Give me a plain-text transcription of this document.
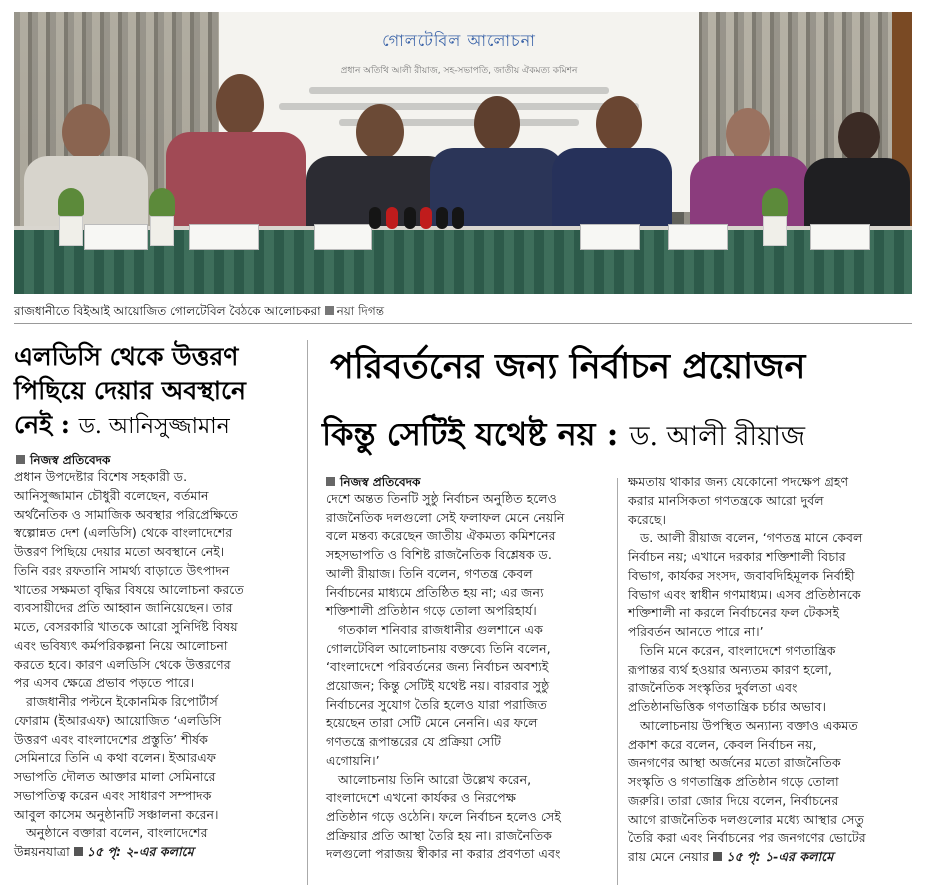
গোলটেবিল আলোচনা
প্রধান অতিথি আলী রীয়াজ, সহ-সভাপতি, জাতীয় ঐকমত্য কমিশন
রাজধানীতে বিইআই আয়োজিত গোলটেবিল বৈঠকে আলোচকরা নয়া দিগন্ত
এলডিসি থেকে উত্তরণ
পিছিয়ে দেয়ার অবস্থানে
নেই : ড. আনিসুজ্জামান
নিজস্ব প্রতিবেদক
প্রধান উপদেষ্টার বিশেষ সহকারী ড.
আনিসুজ্জামান চৌধুরী বলেছেন, বর্তমান
অর্থনৈতিক ও সামাজিক অবস্থার পরিপ্রেক্ষিতে
স্বল্পোন্নত দেশ (এলডিসি) থেকে বাংলাদেশের
উত্তরণ পিছিয়ে দেয়ার মতো অবস্থানে নেই।
তিনি বরং রফতানি সামর্থ্য বাড়াতে উৎপাদন
খাতের সক্ষমতা বৃদ্ধির বিষয়ে আলোচনা করতে
ব্যবসায়ীদের প্রতি আহ্বান জানিয়েছেন। তার
মতে, বেসরকারি খাতকে আরো সুনির্দিষ্ট বিষয়
এবং ভবিষ্যৎ কর্মপরিকল্পনা নিয়ে আলোচনা
করতে হবে। কারণ এলডিসি থেকে উত্তরণের
পর এসব ক্ষেত্রে প্রভাব পড়তে পারে।
রাজধানীর পল্টনে ইকোনমিক রিপোর্টার্স
ফোরাম (ইআরএফ) আয়োজিত ‘এলডিসি
উত্তরণ এবং বাংলাদেশের প্রস্তুতি’ শীর্ষক
সেমিনারে তিনি এ কথা বলেন। ইআরএফ
সভাপতি দৌলত আক্তার মালা সেমিনারে
সভাপতিত্ব করেন এবং সাধারণ সম্পাদক
আবুল কাসেম অনুষ্ঠানটি সঞ্চালনা করেন।
অনুষ্ঠানে বক্তারা বলেন, বাংলাদেশের
উন্নয়নযাত্রা ১৫ পৃ: ২-এর কলামে
পরিবর্তনের জন্য নির্বাচন প্রয়োজন
কিন্তু সেটিই যথেষ্ট নয় : ড. আলী রীয়াজ
নিজস্ব প্রতিবেদক
দেশে অন্তত তিনটি সুষ্ঠু নির্বাচন অনুষ্ঠিত হলেও
রাজনৈতিক দলগুলো সেই ফলাফল মেনে নেয়নি
বলে মন্তব্য করেছেন জাতীয় ঐকমত্য কমিশনের
সহসভাপতি ও বিশিষ্ট রাজনৈতিক বিশ্লেষক ড.
আলী রীয়াজ। তিনি বলেন, গণতন্ত্র কেবল
নির্বাচনের মাধ্যমে প্রতিষ্ঠিত হয় না; এর জন্য
শক্তিশালী প্রতিষ্ঠান গড়ে তোলা অপরিহার্য।
গতকাল শনিবার রাজধানীর গুলশানে এক
গোলটেবিল আলোচনায় বক্তব্যে তিনি বলেন,
‘বাংলাদেশে পরিবর্তনের জন্য নির্বাচন অবশ্যই
প্রয়োজন; কিন্তু সেটিই যথেষ্ট নয়। বারবার সুষ্ঠু
নির্বাচনের সুযোগ তৈরি হলেও যারা পরাজিত
হয়েছেন তারা সেটি মেনে নেননি। এর ফলে
গণতন্ত্রে রূপান্তরের যে প্রক্রিয়া সেটি
এগোয়নি।’
আলোচনায় তিনি আরো উল্লেখ করেন,
বাংলাদেশে এখনো কার্যকর ও নিরপেক্ষ
প্রতিষ্ঠান গড়ে ওঠেনি। ফলে নির্বাচন হলেও সেই
প্রক্রিয়ার প্রতি আস্থা তৈরি হয় না। রাজনৈতিক
দলগুলো পরাজয় স্বীকার না করার প্রবণতা এবং
ক্ষমতায় থাকার জন্য যেকোনো পদক্ষেপ গ্রহণ
করার মানসিকতা গণতন্ত্রকে আরো দুর্বল
করেছে।
ড. আলী রীয়াজ বলেন, ‘গণতন্ত্র মানে কেবল
নির্বাচন নয়; এখানে দরকার শক্তিশালী বিচার
বিভাগ, কার্যকর সংসদ, জবাবদিহিমূলক নির্বাহী
বিভাগ এবং স্বাধীন গণমাধ্যম। এসব প্রতিষ্ঠানকে
শক্তিশালী না করলে নির্বাচনের ফল টেকসই
পরিবর্তন আনতে পারে না।’
তিনি মনে করেন, বাংলাদেশে গণতান্ত্রিক
রূপান্তর ব্যর্থ হওয়ার অন্যতম কারণ হলো,
রাজনৈতিক সংস্কৃতির দুর্বলতা এবং
প্রতিষ্ঠানভিত্তিক গণতান্ত্রিক চর্চার অভাব।
আলোচনায় উপস্থিত অন্যান্য বক্তাও একমত
প্রকাশ করে বলেন, কেবল নির্বাচন নয়,
জনগণের আস্থা অর্জনের মতো রাজনৈতিক
সংস্কৃতি ও গণতান্ত্রিক প্রতিষ্ঠান গড়ে তোলা
জরুরি। তারা জোর দিয়ে বলেন, নির্বাচনের
আগে রাজনৈতিক দলগুলোর মধ্যে আস্থার সেতু
তৈরি করা এবং নির্বাচনের পর জনগণের ভোটের
রায় মেনে নেয়ার ১৫ পৃ: ১-এর কলামে
